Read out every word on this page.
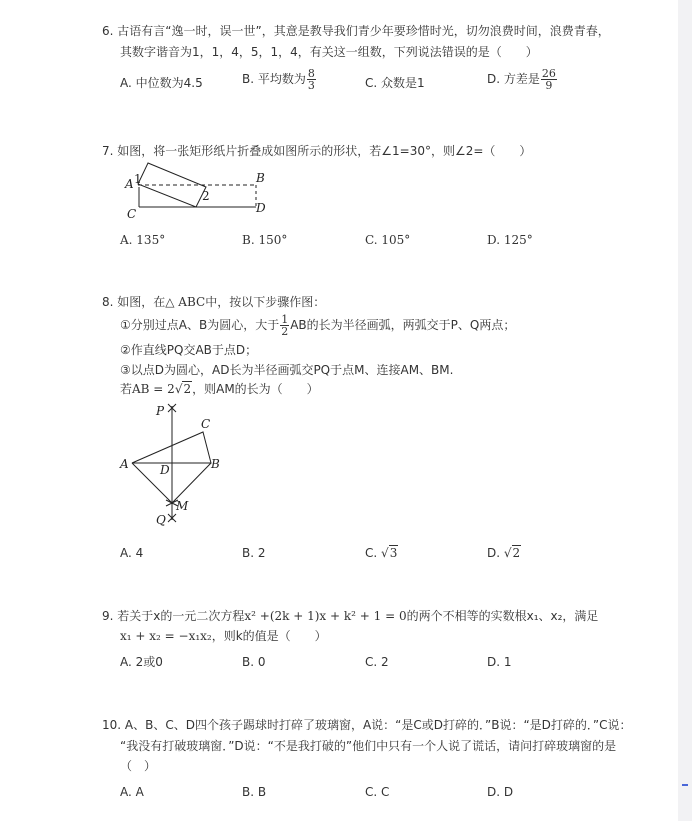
6. 古语有言“逸一时，误一世”，其意是教导我们青少年要珍惜时光，切勿浪费时间，浪费青春，
其数字谐音为1，1，4，5，1，4，有关这一组数，下列说法错误的是（　　）
A. 中位数为4.5	B. 平均数为 $\frac{8}{3}$	C. 众数是1	D. 方差是 $\frac{26}{9}$
7. 如图，将一张矩形纸片折叠成如图所示的形状，若∠1=30°，则∠2=（　　）
A 1	B
2
C	D
A. 135°	B. 150°	C. 105°	D. 125°
8. 如图，在△ ABC中，按以下步骤作图：
①分别过点A、B为圆心，大于 $\frac{1}{2}$ AB的长为半径画弧，两弧交于P、Q两点；
②作直线PQ交AB于点D；
③以点D为圆心，AD长为半径画弧交PQ于点M、连接AM、BM.
若AB = 2√2，则AM的长为（　　）
P
C
A	B
D
M
Q
A. 4	B. 2	C. √3	D. √2
9. 若关于x的一元二次方程x² +(2k + 1)x + k² + 1 = 0的两个不相等的实数根x₁、x₂，满足
x₁ + x₂ = −x₁x₂，则k的值是（　　）
A. 2或0	B. 0	C. 2	D. 1
10. A、B、C、D四个孩子踢球时打碎了玻璃窗，A说：“是C或D打碎的．”B说：“是D打碎的．”C说：
“我没有打破玻璃窗．”D说：“不是我打破的”他们中只有一个人说了谎话，请问打碎玻璃窗的是
（　）
A. A	B. B	C. C	D. D
